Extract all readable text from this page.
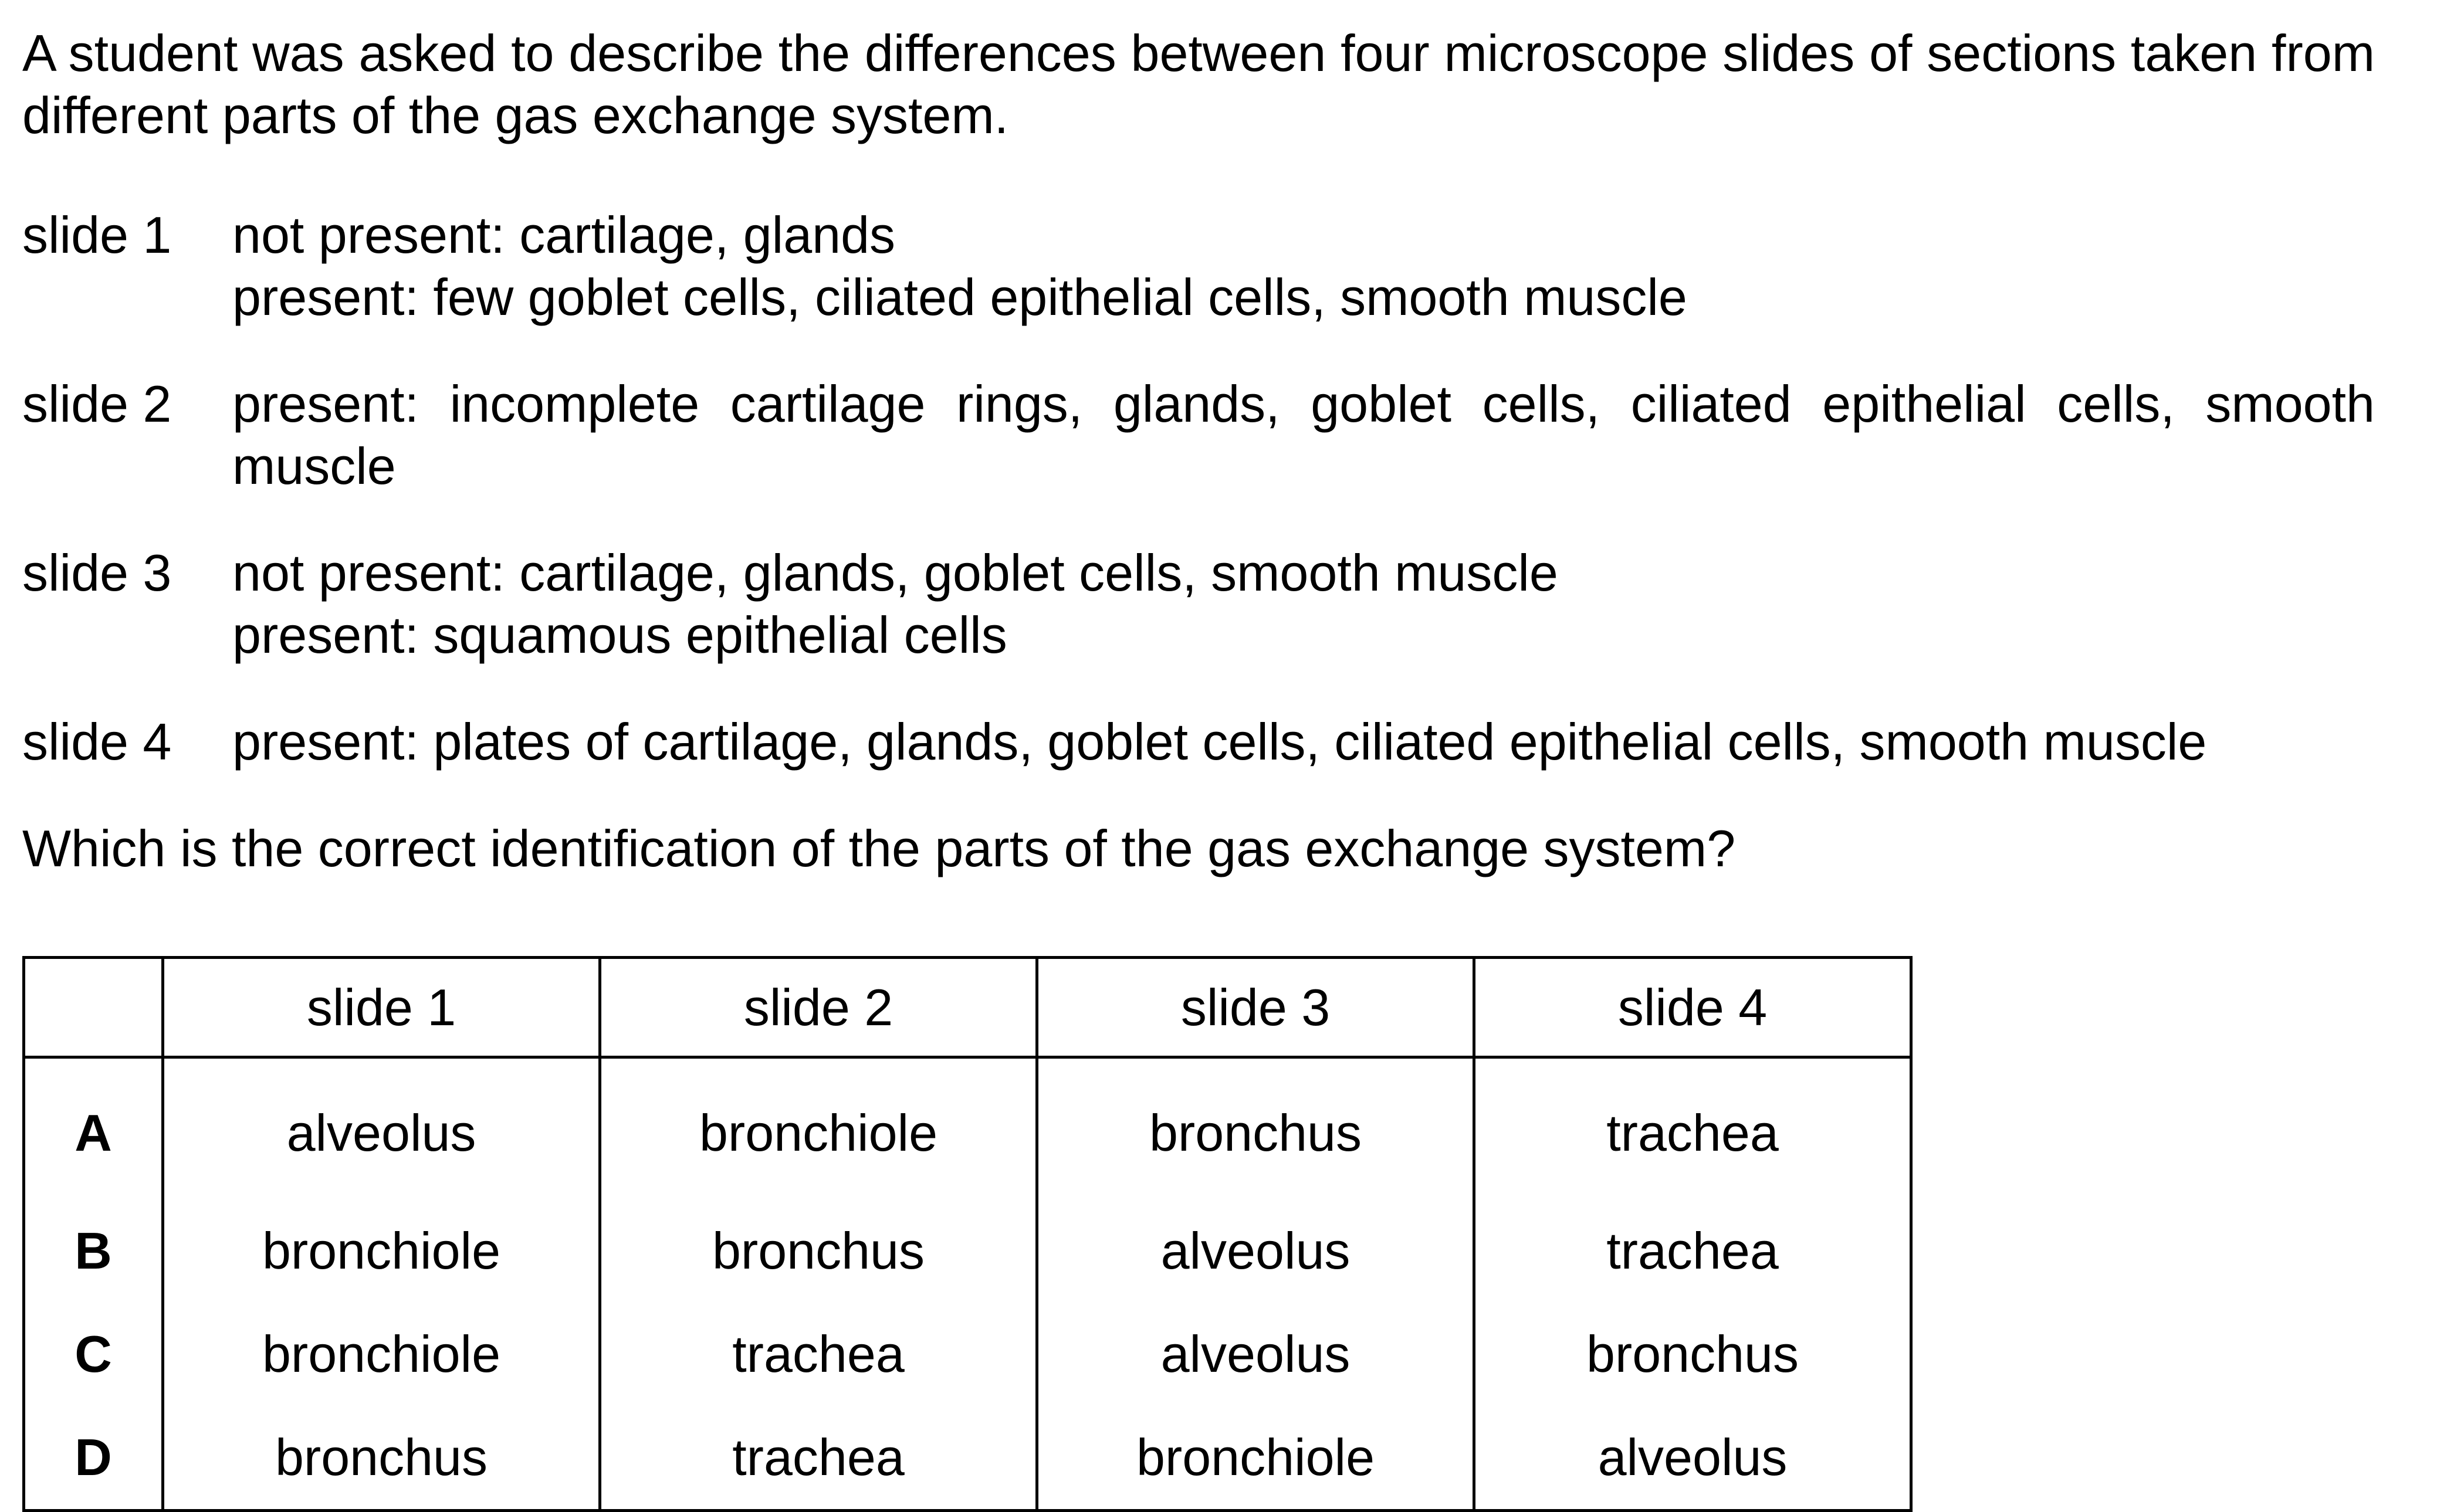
A student was asked to describe the differences between four microscope slides of sections taken from different parts of the gas exchange system.

slide 1	not present: cartilage, glands
present: few goblet cells, ciliated epithelial cells, smooth muscle
slide 2	present: incomplete cartilage rings, glands, goblet cells, ciliated epithelial cells, smooth muscle
slide 3	not present: cartilage, glands, goblet cells, smooth muscle
present: squamous epithelial cells
slide 4	present: plates of cartilage, glands, goblet cells, ciliated epithelial cells, smooth muscle

Which is the correct identification of the parts of the gas exchange system?

	slide 1	slide 2	slide 3	slide 4
A	alveolus	bronchiole	bronchus	trachea
B	bronchiole	bronchus	alveolus	trachea
C	bronchiole	trachea	alveolus	bronchus
D	bronchus	trachea	bronchiole	alveolus
